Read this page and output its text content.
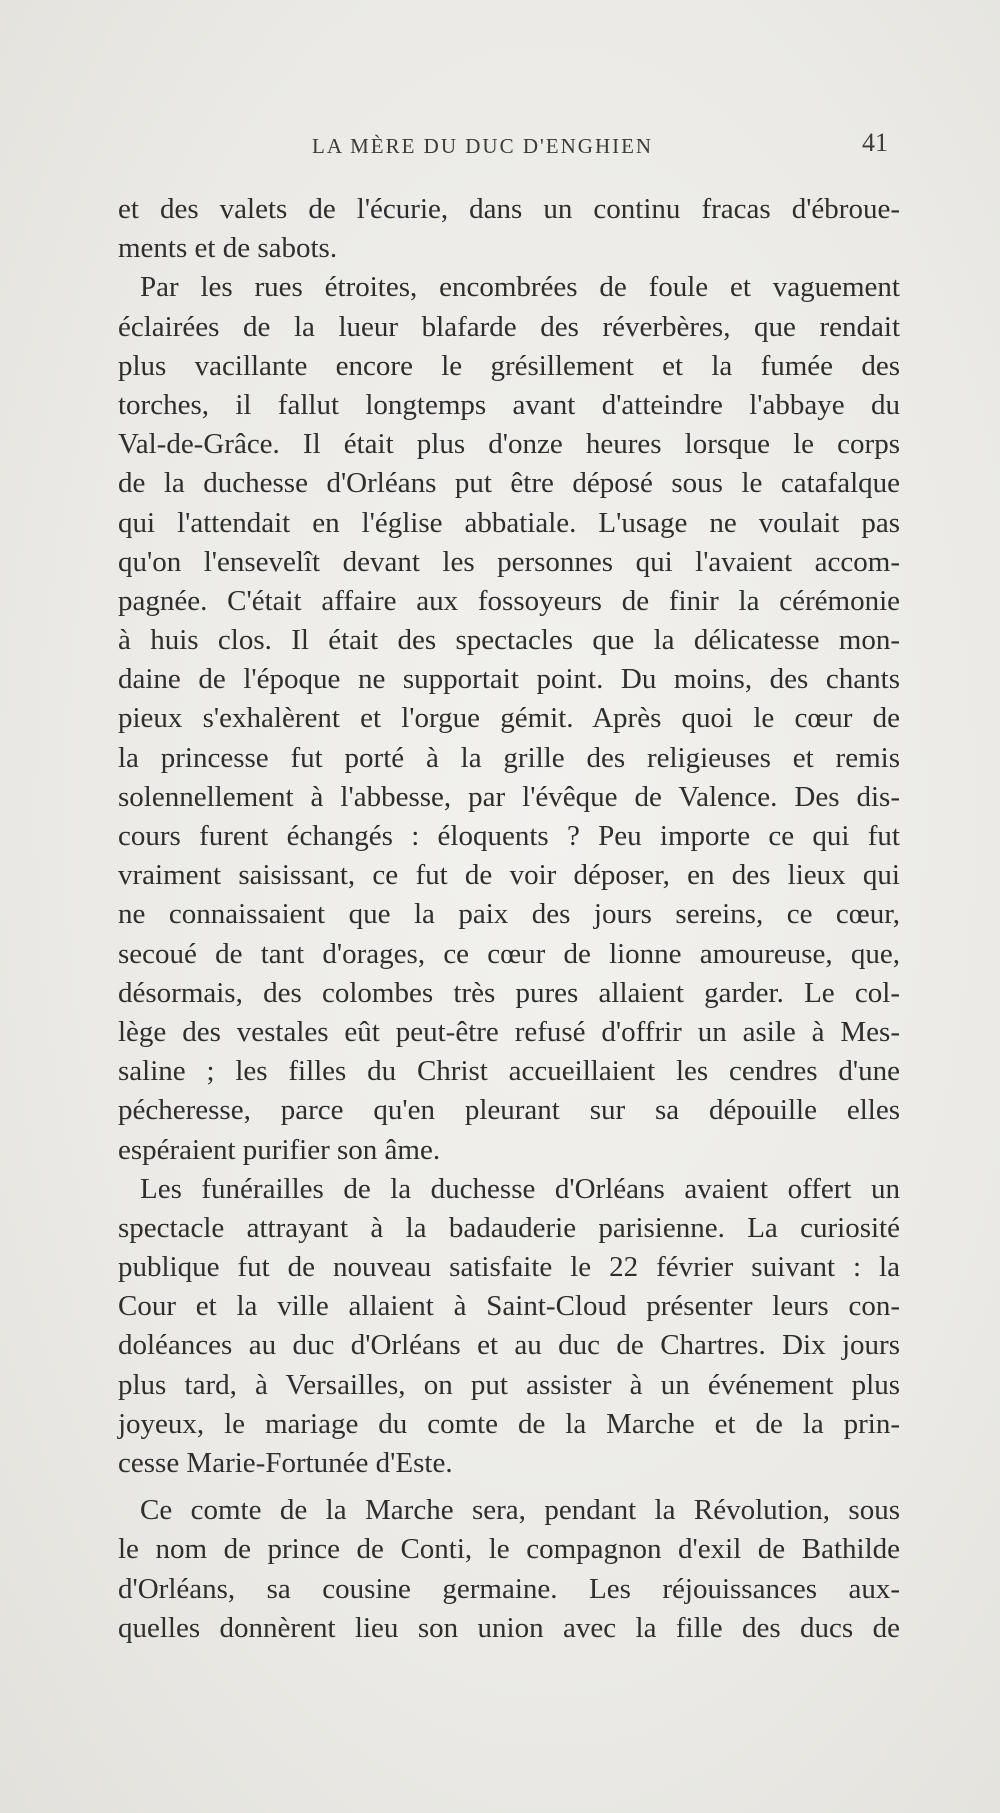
LA MÈRE DU DUC D'ENGHIEN	41
et des valets de l'écurie, dans un continu fracas d'ébroue-
ments et de sabots.
Par les rues étroites, encombrées de foule et vaguement
éclairées de la lueur blafarde des réverbères, que rendait
plus vacillante encore le grésillement et la fumée des
torches, il fallut longtemps avant d'atteindre l'abbaye du
Val-de-Grâce. Il était plus d'onze heures lorsque le corps
de la duchesse d'Orléans put être déposé sous le catafalque
qui l'attendait en l'église abbatiale. L'usage ne voulait pas
qu'on l'ensevelît devant les personnes qui l'avaient accom-
pagnée. C'était affaire aux fossoyeurs de finir la cérémonie
à huis clos. Il était des spectacles que la délicatesse mon-
daine de l'époque ne supportait point. Du moins, des chants
pieux s'exhalèrent et l'orgue gémit. Après quoi le cœur de
la princesse fut porté à la grille des religieuses et remis
solennellement à l'abbesse, par l'évêque de Valence. Des dis-
cours furent échangés : éloquents ? Peu importe ce qui fut
vraiment saisissant, ce fut de voir déposer, en des lieux qui
ne connaissaient que la paix des jours sereins, ce cœur,
secoué de tant d'orages, ce cœur de lionne amoureuse, que,
désormais, des colombes très pures allaient garder. Le col-
lège des vestales eût peut-être refusé d'offrir un asile à Mes-
saline ; les filles du Christ accueillaient les cendres d'une
pécheresse, parce qu'en pleurant sur sa dépouille elles
espéraient purifier son âme.
Les funérailles de la duchesse d'Orléans avaient offert un
spectacle attrayant à la badauderie parisienne. La curiosité
publique fut de nouveau satisfaite le 22 février suivant : la
Cour et la ville allaient à Saint-Cloud présenter leurs con-
doléances au duc d'Orléans et au duc de Chartres. Dix jours
plus tard, à Versailles, on put assister à un événement plus
joyeux, le mariage du comte de la Marche et de la prin-
cesse Marie-Fortunée d'Este.
Ce comte de la Marche sera, pendant la Révolution, sous
le nom de prince de Conti, le compagnon d'exil de Bathilde
d'Orléans, sa cousine germaine. Les réjouissances aux-
quelles donnèrent lieu son union avec la fille des ducs de
